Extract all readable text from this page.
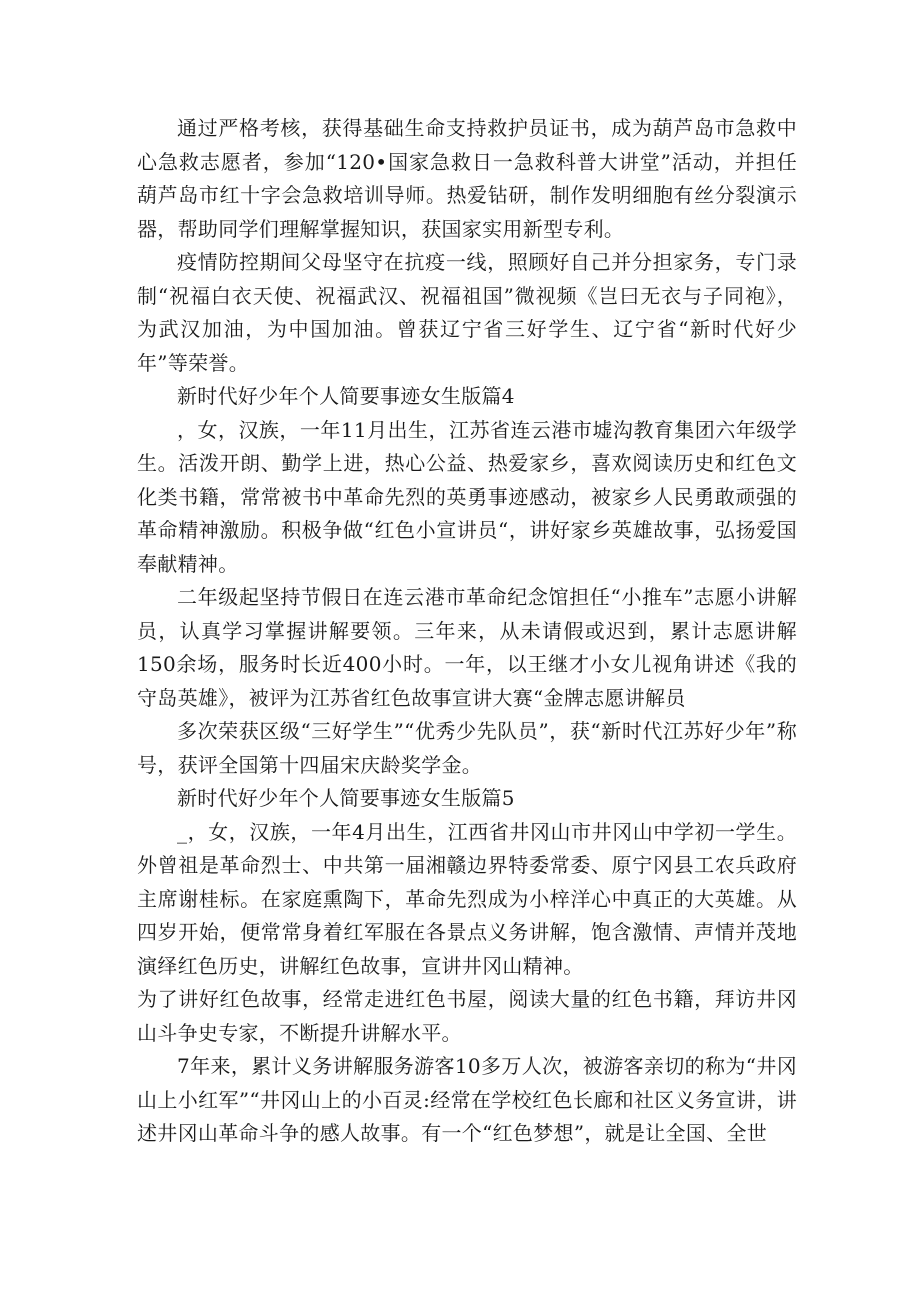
通过严格考核，获得基础生命支持救护员证书，成为葫芦岛市急救中心急救志愿者，参加“120•国家急救日一急救科普大讲堂”活动，并担任葫芦岛市红十字会急救培训导师。热爱钻研，制作发明细胞有丝分裂演示器，帮助同学们理解掌握知识，获国家实用新型专利。

疫情防控期间父母坚守在抗疫一线，照顾好自己并分担家务，专门录制“祝福白衣天使、祝福武汉、祝福祖国”微视频《岂曰无衣与子同袍》，为武汉加油，为中国加油。曾获辽宁省三好学生、辽宁省“新时代好少年”等荣誉。

新时代好少年个人简要事迹女生版篇4

，女，汉族，一年11月出生，江苏省连云港市墟沟教育集团六年级学生。活泼开朗、勤学上进，热心公益、热爱家乡，喜欢阅读历史和红色文化类书籍，常常被书中革命先烈的英勇事迹感动，被家乡人民勇敢顽强的革命精神激励。积极争做“红色小宣讲员“，讲好家乡英雄故事，弘扬爱国奉献精神。

二年级起坚持节假日在连云港市革命纪念馆担任“小推车”志愿小讲解员，认真学习掌握讲解要领。三年来，从未请假或迟到，累计志愿讲解150余场，服务时长近400小时。一年，以王继才小女儿视角讲述《我的守岛英雄》，被评为江苏省红色故事宣讲大赛“金牌志愿讲解员

多次荣获区级“三好学生”“优秀少先队员”，获“新时代江苏好少年”称号，获评全国第十四届宋庆龄奖学金。

新时代好少年个人简要事迹女生版篇5

_，女，汉族，一年4月出生，江西省井冈山市井冈山中学初一学生。外曾祖是革命烈士、中共第一届湘赣边界特委常委、原宁冈县工农兵政府主席谢桂标。在家庭熏陶下，革命先烈成为小梓洋心中真正的大英雄。从四岁开始，便常常身着红军服在各景点义务讲解，饱含激情、声情并茂地演绎红色历史，讲解红色故事，宣讲井冈山精神。

为了讲好红色故事，经常走进红色书屋，阅读大量的红色书籍，拜访井冈山斗争史专家，不断提升讲解水平。

7年来，累计义务讲解服务游客10多万人次，被游客亲切的称为“井冈山上小红军”“井冈山上的小百灵:经常在学校红色长廊和社区义务宣讲，讲述井冈山革命斗争的感人故事。有一个“红色梦想”，就是让全国、全世
